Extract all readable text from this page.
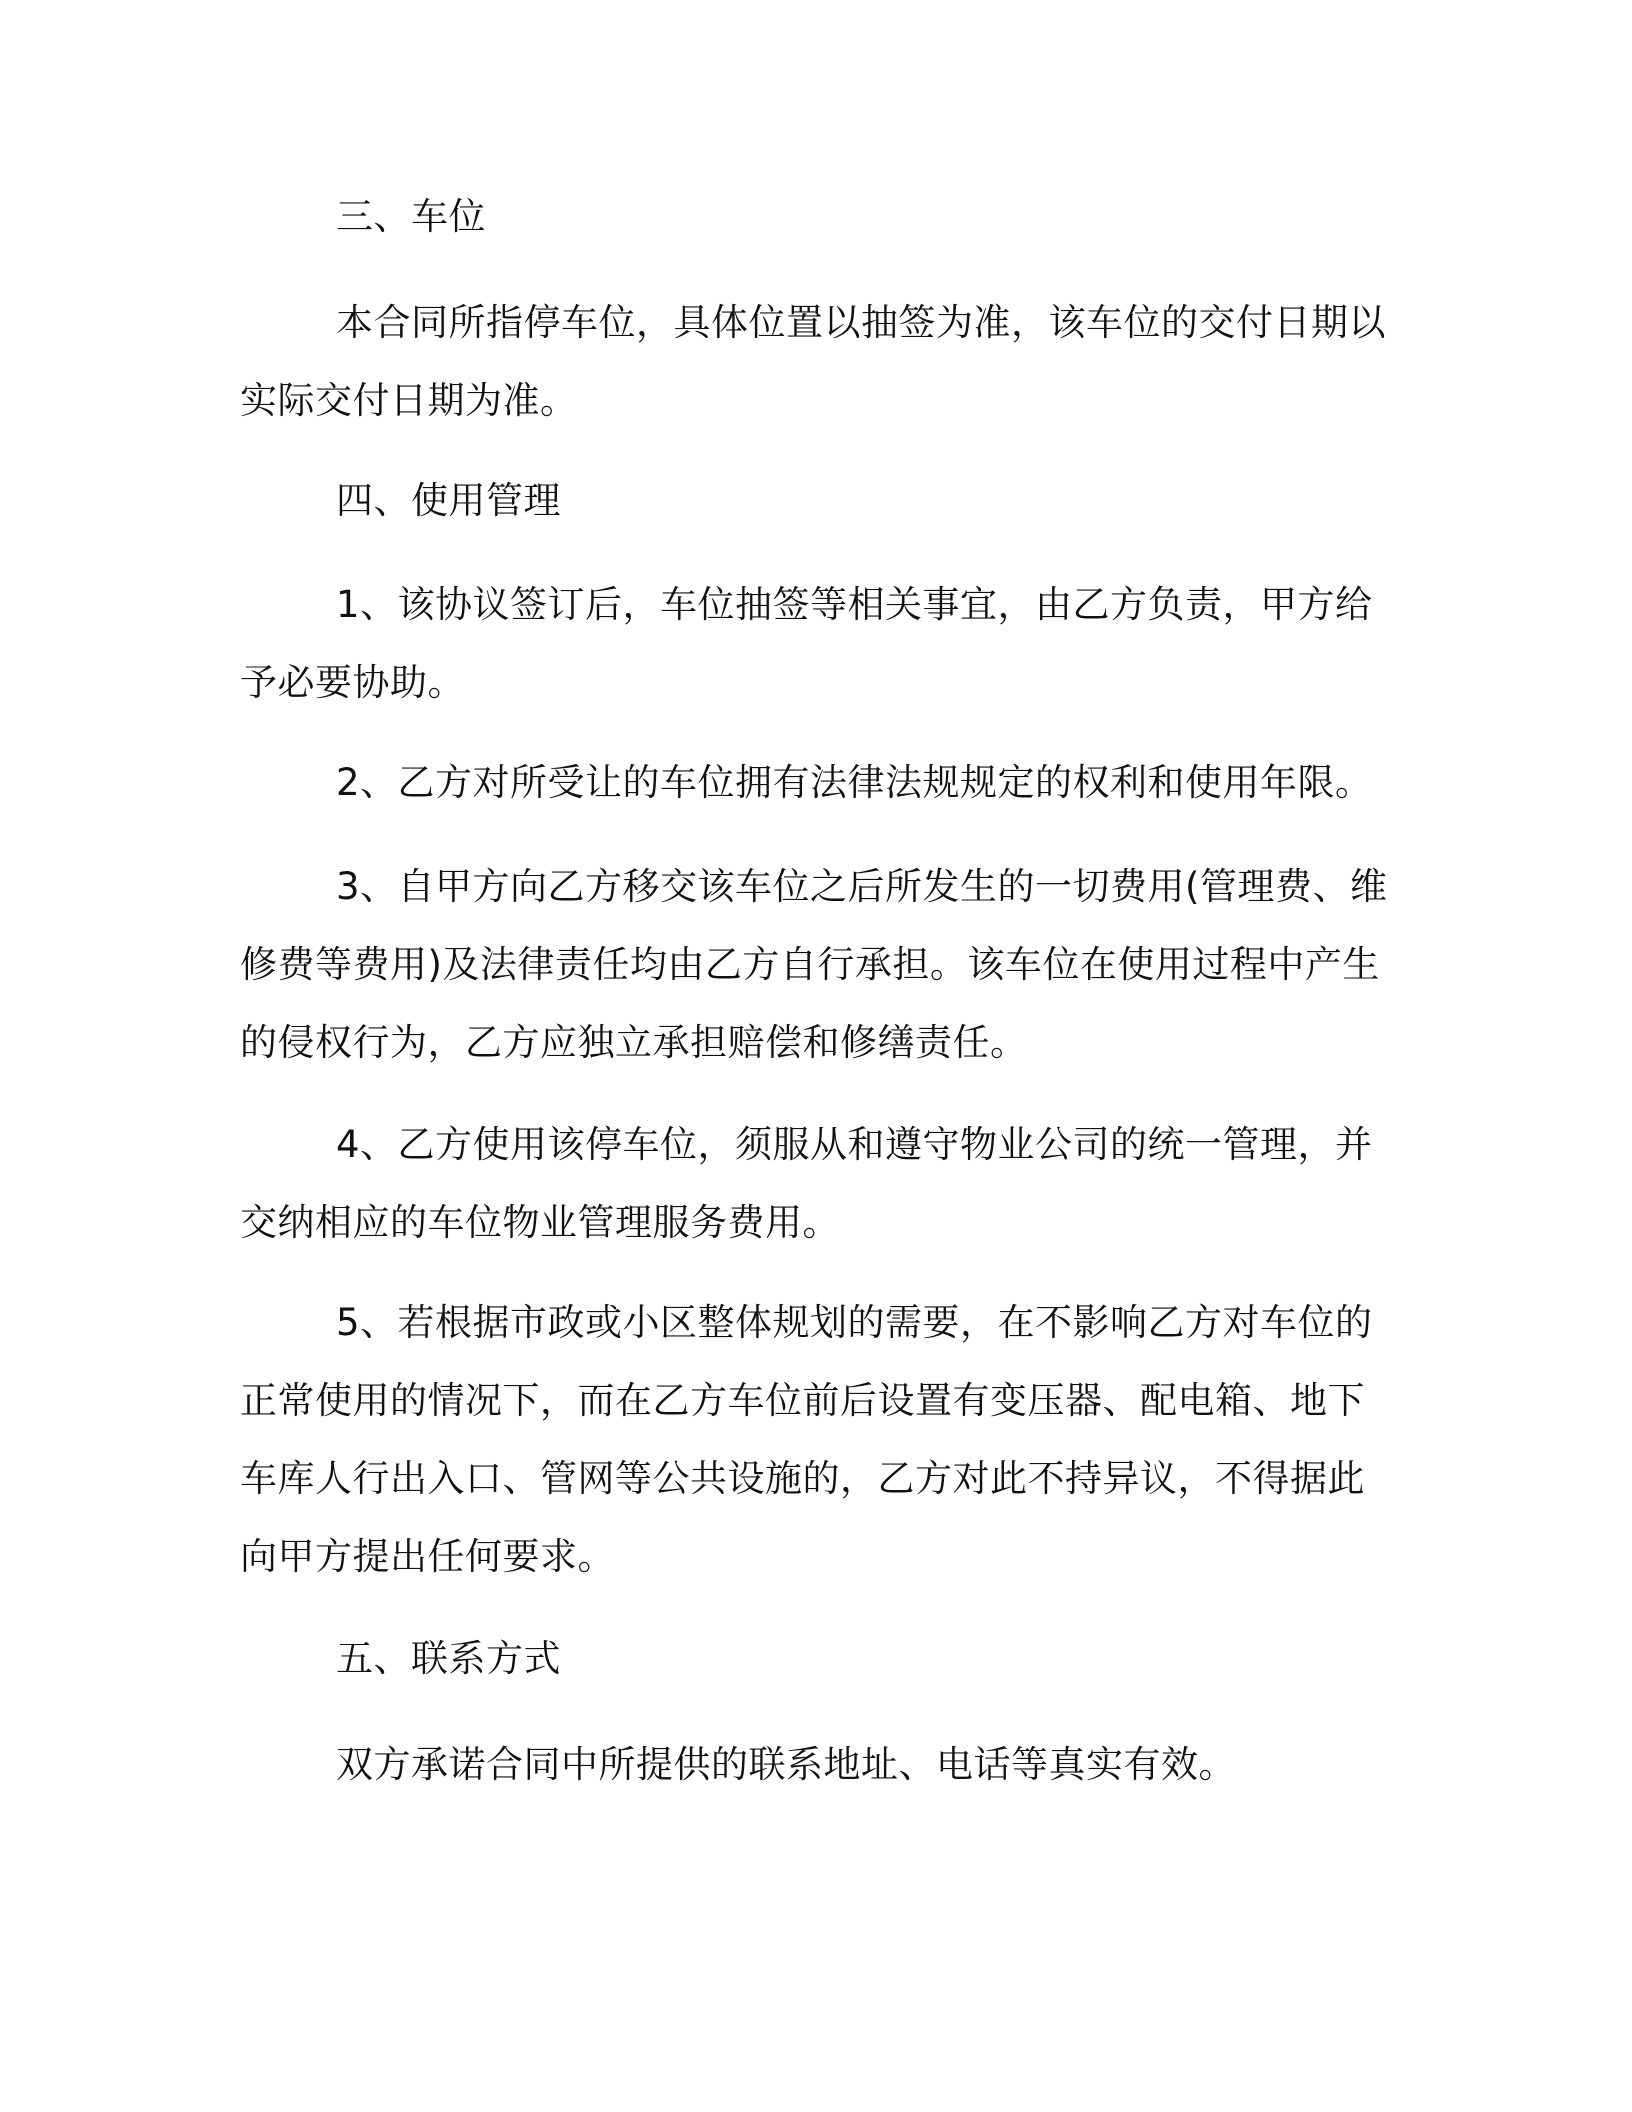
三、车位
本合同所指停车位，具体位置以抽签为准，该车位的交付日期以
实际交付日期为准。
四、使用管理
1、该协议签订后，车位抽签等相关事宜，由乙方负责，甲方给
予必要协助。
2、乙方对所受让的车位拥有法律法规规定的权利和使用年限。
3、自甲方向乙方移交该车位之后所发生的一切费用(管理费、维
修费等费用)及法律责任均由乙方自行承担。该车位在使用过程中产生
的侵权行为，乙方应独立承担赔偿和修缮责任。
4、乙方使用该停车位，须服从和遵守物业公司的统一管理，并
交纳相应的车位物业管理服务费用。
5、若根据市政或小区整体规划的需要，在不影响乙方对车位的
正常使用的情况下，而在乙方车位前后设置有变压器、配电箱、地下
车库人行出入口、管网等公共设施的，乙方对此不持异议，不得据此
向甲方提出任何要求。
五、联系方式
双方承诺合同中所提供的联系地址、电话等真实有效。
